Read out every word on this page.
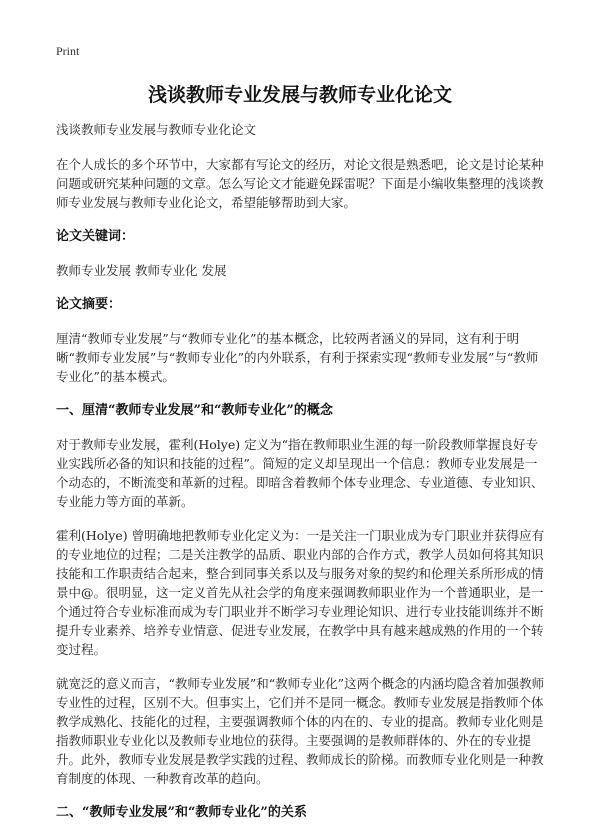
Print
浅谈教师专业发展与教师专业化论文

浅谈教师专业发展与教师专业化论文

在个人成长的多个环节中，大家都有写论文的经历，对论文很是熟悉吧，论文是讨论某种问题或研究某种问题的文章。怎么写论文才能避免踩雷呢？下面是小编收集整理的浅谈教师专业发展与教师专业化论文，希望能够帮助到大家。

论文关键词：

教师专业发展 教师专业化 发展

论文摘要：

厘清“教师专业发展”与“教师专业化”的基本概念，比较两者涵义的异同，这有利于明晰“教师专业发展”与“教师专业化”的内外联系，有利于探索实现“教师专业发展”与“教师专业化”的基本模式。

一、厘清“教师专业发展”和“教师专业化”的概念

对于教师专业发展，霍利(Holye) 定义为“指在教师职业生涯的每一阶段教师掌握良好专业实践所必备的知识和技能的过程”。简短的定义却呈现出一个信息：教师专业发展是一个动态的，不断流变和革新的过程。即暗含着教师个体专业理念、专业道德、专业知识、专业能力等方面的革新。

霍利(Holye) 曾明确地把教师专业化定义为：一是关注一门职业成为专门职业并获得应有的专业地位的过程；二是关注教学的品质、职业内部的合作方式，教学人员如何将其知识技能和工作职责结合起来，整合到同事关系以及与服务对象的契约和伦理关系所形成的情景中@。很明显，这一定义首先从社会学的角度来强调教师职业作为一个普通职业，是一个通过符合专业标准而成为专门职业并不断学习专业理论知识、进行专业技能训练并不断提升专业素养、培养专业情意、促进专业发展，在教学中具有越来越成熟的作用的一个转变过程。

就宽泛的意义而言，“教师专业发展”和“教师专业化”这两个概念的内涵均隐含着加强教师专业性的过程，区别不大。但事实上，它们并不是同一概念。教师专业发展是指教师个体教学成熟化、技能化的过程，主要强调教师个体的内在的、专业的提高。教师专业化则是指教师职业专业化以及教师专业地位的获得。主要强调的是教师群体的、外在的专业提升。此外，教师专业发展是教学实践的过程、教师成长的阶梯。而教师专业化则是一种教育制度的体现、一种教育改革的趋向。

二、“教师专业发展”和“教师专业化”的关系
